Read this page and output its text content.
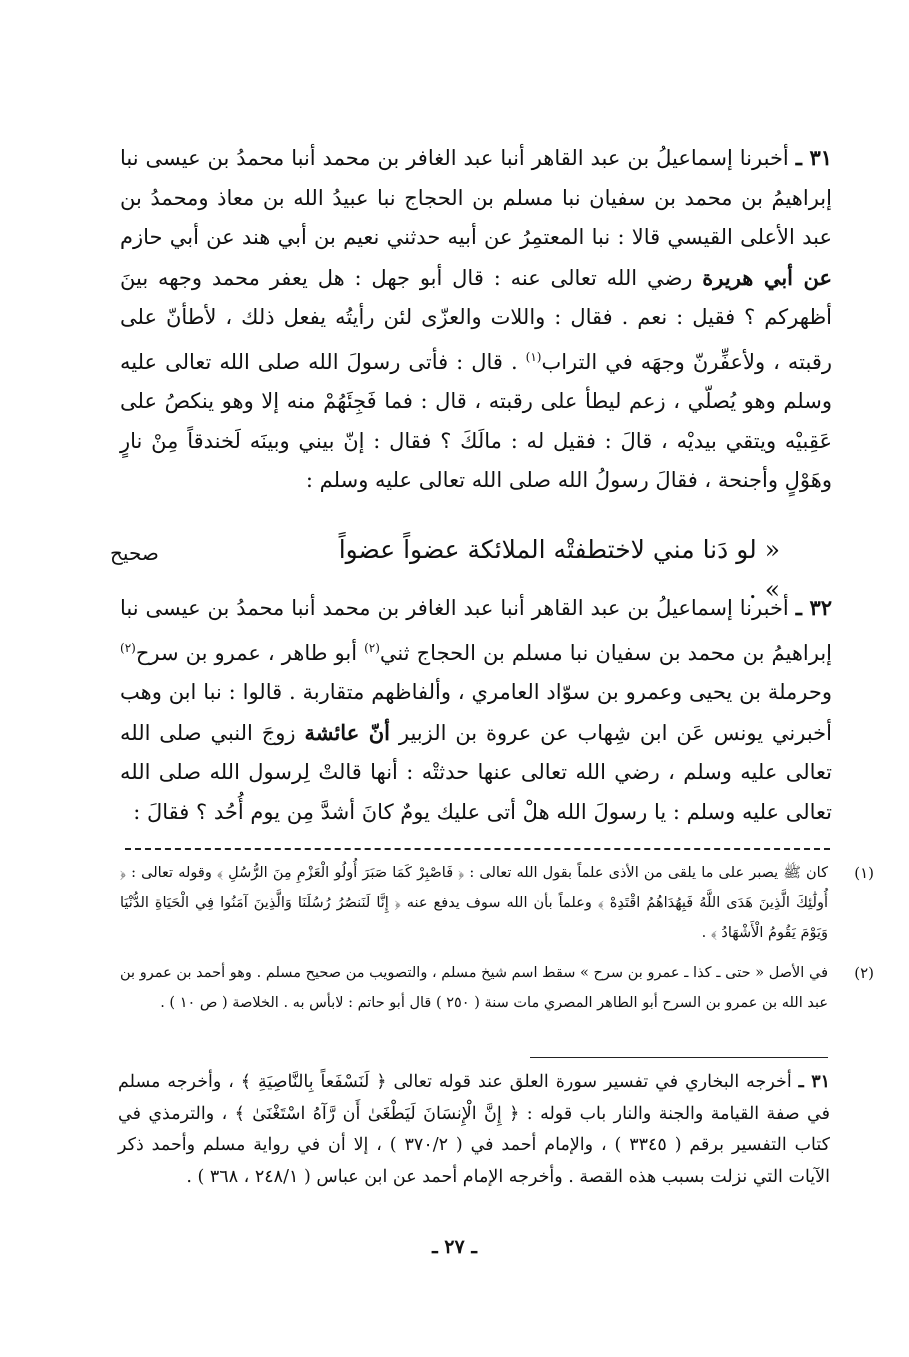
٣١ ـ أخبرنا إسماعيلُ بن عبد القاهر أنبا عبد الغافر بن محمد أنبا محمدُ بن عيسى نبا إبراهيمُ بن محمد بن سفيان نبا مسلم بن الحجاج نبا عبيدُ الله بن معاذ ومحمدُ بن عبد الأعلى القيسي قالا : نبا المعتمِرُ عن أبيه حدثني نعيم بن أبي هند عن أبي حازم عن أبي هريرة رضي الله تعالى عنه : قال أبو جهل : هل يعفر محمد وجهه بينَ أظهركم ؟ فقيل : نعم . فقال : واللات والعزّى لئن رأيتُه يفعل ذلك ، لأطأنّ على رقبته ، ولأعفِّرنّ وجهَه في التراب$^{(١)}$ . قال : فأتى رسولَ الله صلى الله تعالى عليه وسلم وهو يُصلّي ، زعم ليطأ على رقبته ، قال : فما فَجِئَهُمْ منه إلا وهو ينكصُ على عَقِبيْه ويتقي بيديْه ، قالَ : فقيل له : مالَكَ ؟ فقال : إنّ بيني وبينَه لَخندقاً مِنْ نارٍ وهَوْلٍ وأجنحة ، فقالَ رسولُ الله صلى الله تعالى عليه وسلم :

« لو دَنا مني لاختطفتْه الملائكة عضواً عضواً » .
صحيح

٣٢ ـ أخبرنا إسماعيلُ بن عبد القاهر أنبا عبد الغافر بن محمد أنبا محمدُ بن عيسى نبا إبراهيمُ بن محمد بن سفيان نبا مسلم بن الحجاج ثني$^{(٢)}$ أبو طاهر ، عمرو بن سرح$^{(٢)}$ وحرملة بن يحيى وعمرو بن سوّاد العامري ، وألفاظهم متقاربة . قالوا : نبا ابن وهب أخبرني يونس عَن ابن شِهاب عن عروة بن الزبير أنّ عائشة زوجَ النبي صلى الله تعالى عليه وسلم ، رضي الله تعالى عنها حدثتْه : أنها قالتْ لِرسول الله صلى الله تعالى عليه وسلم : يا رسولَ الله هلْ أتى عليك يومٌ كانَ أشدَّ مِن يوم أُحُد ؟ فقالَ :

(١)
كان ﷺ يصبر على ما يلقى من الأذى علماً بقول الله تعالى : ﴿ فَاصْبِرْ كَمَا صَبَرَ أُولُو الْعَزْمِ مِنَ الرُّسُلِ ﴾ وقوله تعالى : ﴿ أُولَٰئِكَ الَّذِينَ هَدَى اللَّهُ فَبِهُدَاهُمُ اقْتَدِهْ ﴾ وعلماً بأن الله سوف يدفع عنه ﴿ إِنَّا لَنَنصُرُ رُسُلَنَا وَالَّذِينَ آمَنُوا فِي الْحَيَاةِ الدُّنْيَا وَيَوْمَ يَقُومُ الْأَشْهَادُ ﴾ .
(٢)
في الأصل « حتى ـ كذا ـ عمرو بن سرح » سقط اسم شيخ مسلم ، والتصويب من صحيح مسلم . وهو أحمد بن عمرو بن عبد الله بن عمرو بن السرح أبو الطاهر المصري مات سنة ( ٢٥٠ ) قال أبو حاتم : لابأس به . الخلاصة ( ص ١٠ ) .
٣١ ـ أخرجه البخاري في تفسير سورة العلق عند قوله تعالى ﴿ لَنَسْفَعاً بِالنَّاصِيَةِ ﴾ ، وأخرجه مسلم في صفة القيامة والجنة والنار باب قوله : ﴿ إِنَّ الْإِنسَانَ لَيَطْغَىٰ أَن رَّآهُ اسْتَغْنَىٰ ﴾ ، والترمذي في كتاب التفسير برقم ( ٣٣٤٥ ) ، والإمام أحمد في ( ٣٧٠/٢ ) ، إلا أن في رواية مسلم وأحمد ذكر الآيات التي نزلت بسبب هذه القصة . وأخرجه الإمام أحمد عن ابن عباس ( ٢٤٨/١ ، ٣٦٨ ) .
ـ ٢٧ ـ
